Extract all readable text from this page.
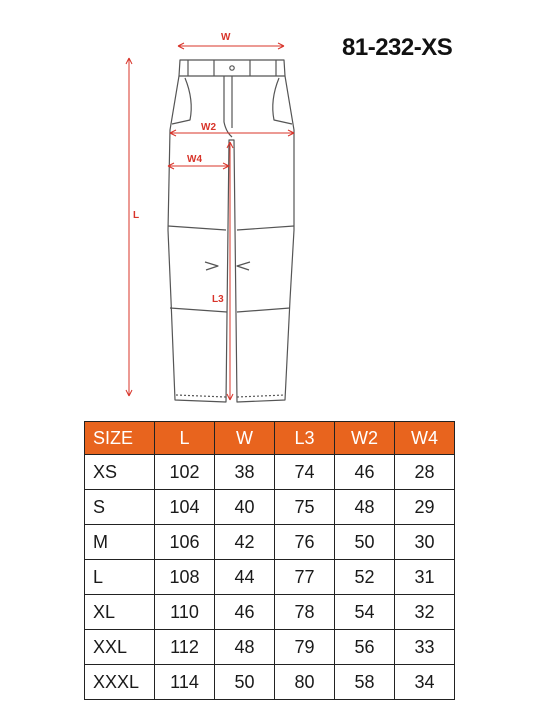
81-232-XS
W
W2
W4
L
L3
SIZE	L	W	L3	W2	W4
XS	102	38	74	46	28
S	104	40	75	48	29
M	106	42	76	50	30
L	108	44	77	52	31
XL	110	46	78	54	32
XXL	112	48	79	56	33
XXXL	114	50	80	58	34
